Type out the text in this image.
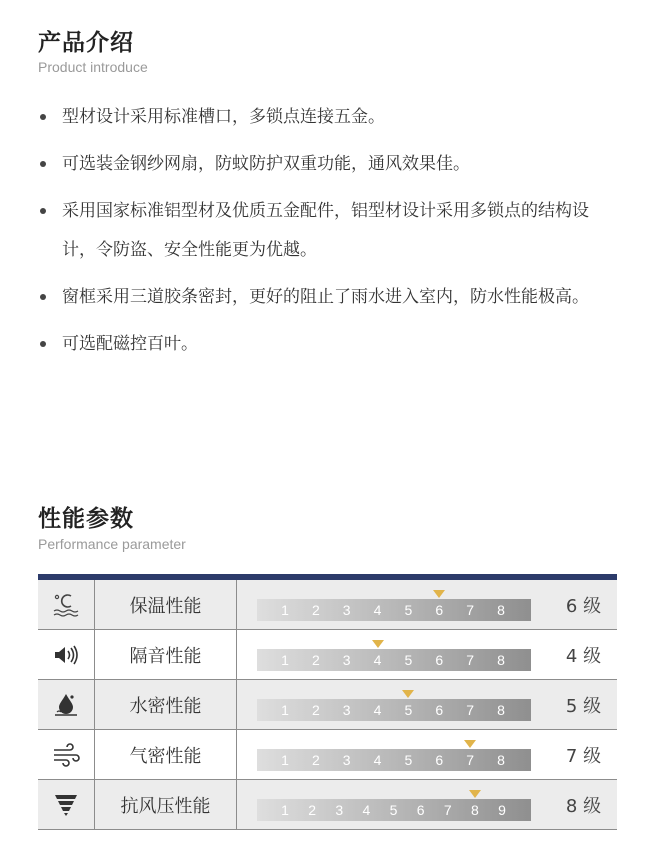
产品介绍
Product introduce
型材设计采用标准槽口，多锁点连接五金。
可选装金钢纱网扇，防蚊防护双重功能，通风效果佳。
采用国家标准铝型材及优质五金配件，铝型材设计采用多锁点的结构设计，令防盗、安全性能更为优越。
窗框采用三道胶条密封，更好的阻止了雨水进入室内，防水性能极高。
可选配磁控百叶。
性能参数
Performance parameter
保温性能	1 2 3 4 5 6 7 8	6 级
隔音性能	1 2 3 4 5 6 7 8	4 级
水密性能	1 2 3 4 5 6 7 8	5 级
气密性能	1 2 3 4 5 6 7 8	7 级
抗风压性能	1 2 3 4 5 6 7 8 9	8 级
